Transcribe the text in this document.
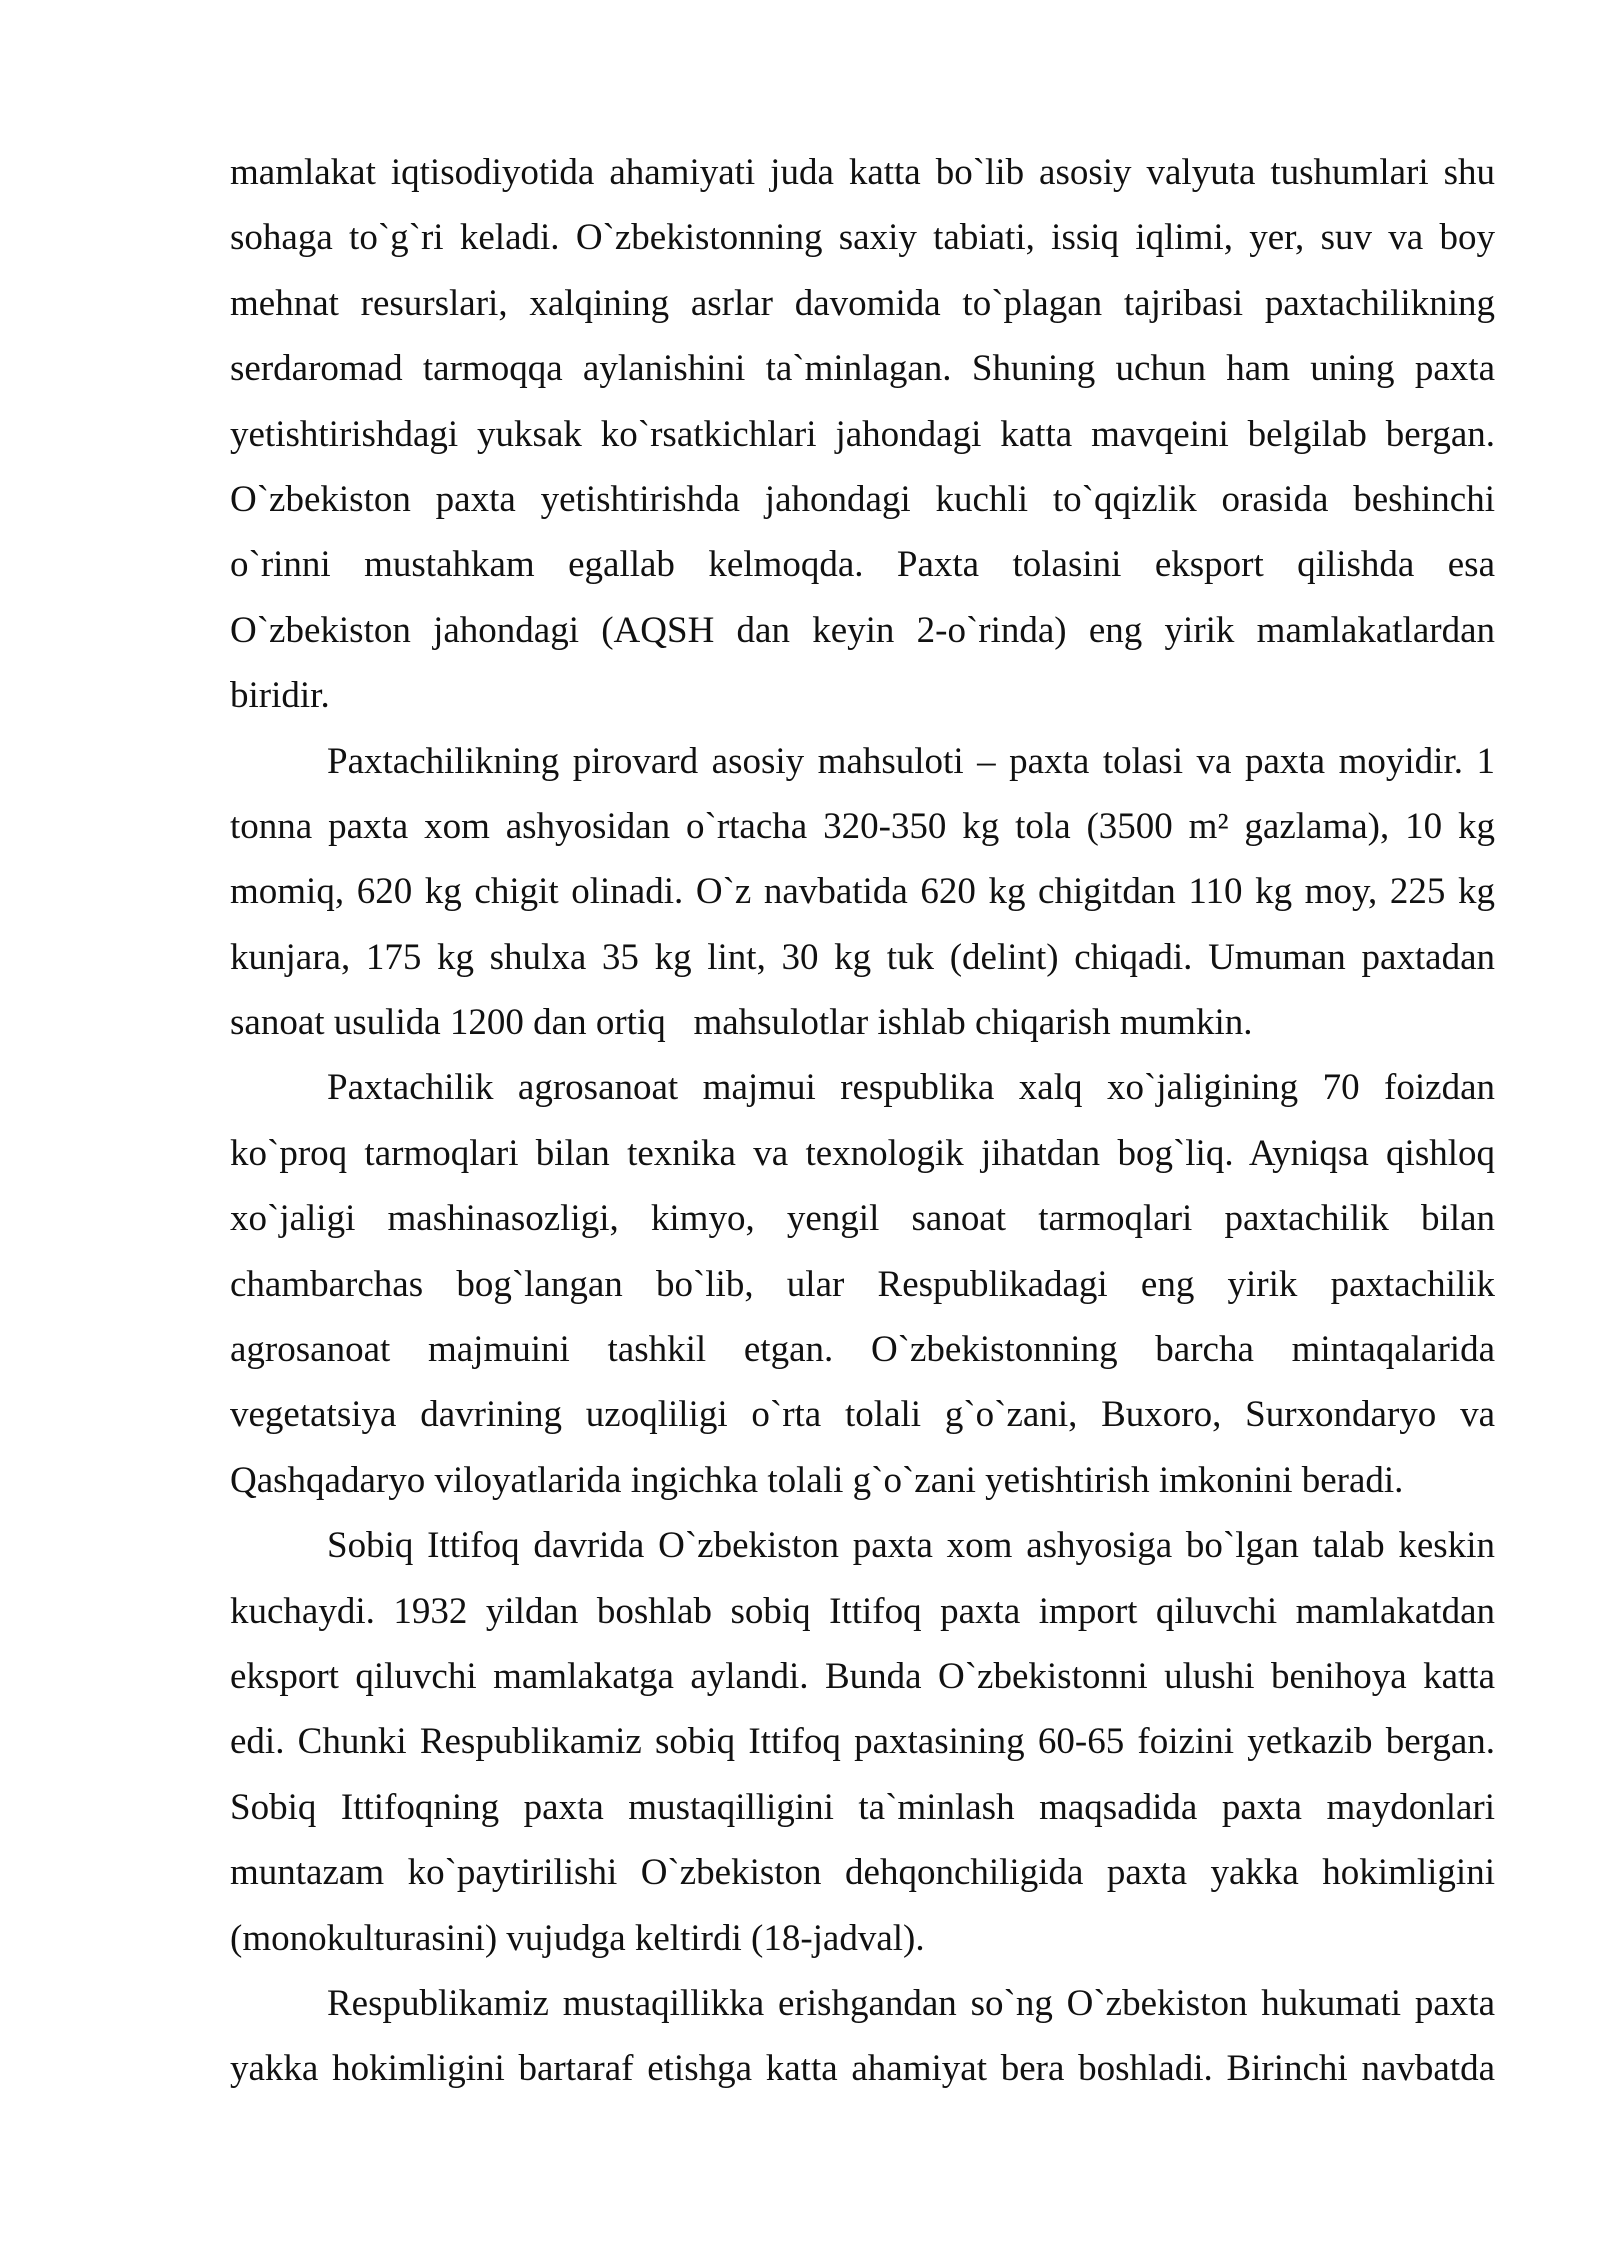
mamlakat iqtisodiyotida ahamiyati juda katta bo`lib asosiy valyuta tushumlari shu
sohaga to`g`ri keladi. O`zbekistonning saxiy tabiati, issiq iqlimi, yer, suv va boy
mehnat resurslari, xalqining asrlar davomida to`plagan tajribasi paxtachilikning
serdaromad tarmoqqa aylanishini ta`minlagan. Shuning uchun ham uning paxta
yetishtirishdagi yuksak ko`rsatkichlari jahondagi katta mavqeini belgilab bergan.
O`zbekiston paxta yetishtirishda jahondagi kuchli to`qqizlik orasida beshinchi
o`rinni mustahkam egallab kelmoqda. Paxta tolasini eksport qilishda esa
O`zbekiston jahondagi (AQSH dan keyin 2-o`rinda) eng yirik mamlakatlardan
biridir.
Paxtachilikning pirovard asosiy mahsuloti – paxta tolasi va paxta moyidir. 1
tonna paxta xom ashyosidan o`rtacha 320-350 kg tola (3500 m² gazlama), 10 kg
momiq, 620 kg chigit olinadi. O`z navbatida 620 kg chigitdan 110 kg moy, 225 kg
kunjara, 175 kg shulxa 35 kg lint, 30 kg tuk (delint) chiqadi. Umuman paxtadan
sanoat usulida 1200 dan ortiq   mahsulotlar ishlab chiqarish mumkin.
Paxtachilik agrosanoat majmui respublika xalq xo`jaligining 70 foizdan
ko`proq tarmoqlari bilan texnika va texnologik jihatdan bog`liq. Ayniqsa qishloq
xo`jaligi mashinasozligi, kimyo, yengil sanoat tarmoqlari paxtachilik bilan
chambarchas bog`langan bo`lib, ular Respublikadagi eng yirik paxtachilik
agrosanoat majmuini tashkil etgan. O`zbekistonning barcha mintaqalarida
vegetatsiya davrining uzoqliligi o`rta tolali g`o`zani, Buxoro, Surxondaryo va
Qashqadaryo viloyatlarida ingichka tolali g`o`zani yetishtirish imkonini beradi.
Sobiq Ittifoq davrida O`zbekiston paxta xom ashyosiga bo`lgan talab keskin
kuchaydi. 1932 yildan boshlab sobiq Ittifoq paxta import qiluvchi mamlakatdan
eksport qiluvchi mamlakatga aylandi. Bunda O`zbekistonni ulushi benihoya katta
edi. Chunki Respublikamiz sobiq Ittifoq paxtasining 60-65 foizini yetkazib bergan.
Sobiq Ittifoqning paxta mustaqilligini ta`minlash maqsadida paxta maydonlari
muntazam ko`paytirilishi O`zbekiston dehqonchiligida paxta yakka hokimligini
(monokulturasini) vujudga keltirdi (18-jadval).
Respublikamiz mustaqillikka erishgandan so`ng O`zbekiston hukumati paxta
yakka hokimligini bartaraf etishga katta ahamiyat bera boshladi. Birinchi navbatda
